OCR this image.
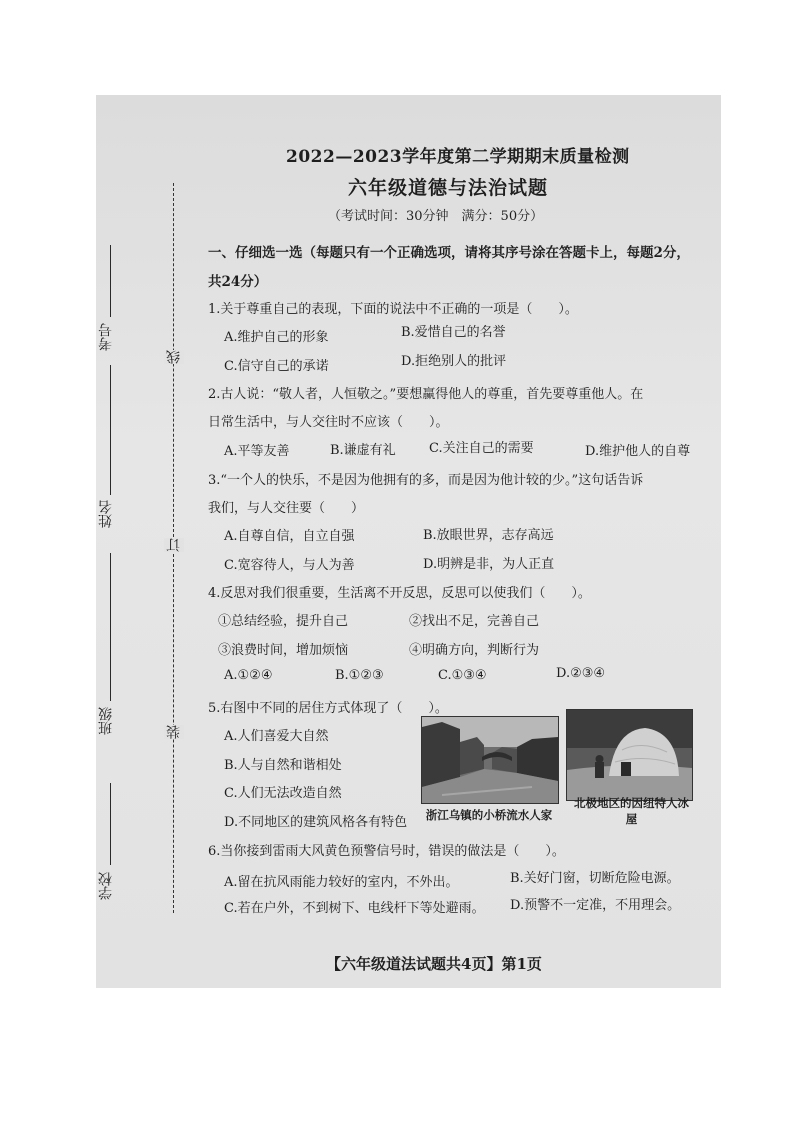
考号
姓名
班级
学校
线
订
装
2022—2023学年度第二学期期末质量检测
六年级道德与法治试题
（考试时间：30分钟　满分：50分）
一、仔细选一选（每题只有一个正确选项，请将其序号涂在答题卡上，每题2分，
共24分）
1.关于尊重自己的表现，下面的说法中不正确的一项是（　　）。
A.维护自己的形象	B.爱惜自己的名誉
C.信守自己的承诺	D.拒绝别人的批评
2.古人说：“敬人者，人恒敬之。”要想赢得他人的尊重，首先要尊重他人。在
日常生活中，与人交往时不应该（　　）。
A.平等友善	B.谦虚有礼	C.关注自己的需要	D.维护他人的自尊
3.“一个人的快乐，不是因为他拥有的多，而是因为他计较的少。”这句话告诉
我们，与人交往要（　　）
A.自尊自信，自立自强	B.放眼世界，志存高远
C.宽容待人，与人为善	D.明辨是非，为人正直
4.反思对我们很重要，生活离不开反思，反思可以使我们（　　）。
①总结经验，提升自己	②找出不足，完善自己
③浪费时间，增加烦恼	④明确方向，判断行为
A.①②④	B.①②③	C.①③④	D.②③④
5.右图中不同的居住方式体现了（　　）。
A.人们喜爱大自然
B.人与自然和谐相处
C.人们无法改造自然
D.不同地区的建筑风格各有特色 浙江乌镇的小桥流水人家
北极地区的因纽特人冰屋
6.当你接到雷雨大风黄色预警信号时，错误的做法是（　　）。
A.留在抗风雨能力较好的室内，不外出。	B.关好门窗，切断危险电源。
C.若在户外，不到树下、电线杆下等处避雨。 D.预警不一定准，不用理会。
【六年级道法试题共4页】第1页
